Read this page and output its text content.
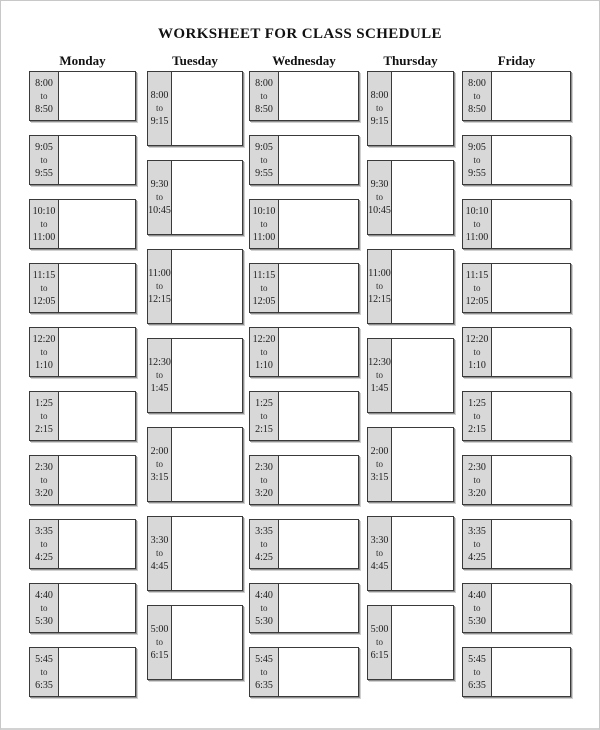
WORKSHEET FOR CLASS SCHEDULE
Monday
8:00
to
8:50
9:05
to
9:55
10:10
to
11:00
11:15
to
12:05
12:20
to
1:10
1:25
to
2:15
2:30
to
3:20
3:35
to
4:25
4:40
to
5:30
5:45
to
6:35
Tuesday
8:00
to
9:15
9:30
to
10:45
11:00
to
12:15
12:30
to
1:45
2:00
to
3:15
3:30
to
4:45
5:00
to
6:15
Wednesday
8:00
to
8:50
9:05
to
9:55
10:10
to
11:00
11:15
to
12:05
12:20
to
1:10
1:25
to
2:15
2:30
to
3:20
3:35
to
4:25
4:40
to
5:30
5:45
to
6:35
Thursday
8:00
to
9:15
9:30
to
10:45
11:00
to
12:15
12:30
to
1:45
2:00
to
3:15
3:30
to
4:45
5:00
to
6:15
Friday
8:00
to
8:50
9:05
to
9:55
10:10
to
11:00
11:15
to
12:05
12:20
to
1:10
1:25
to
2:15
2:30
to
3:20
3:35
to
4:25
4:40
to
5:30
5:45
to
6:35
